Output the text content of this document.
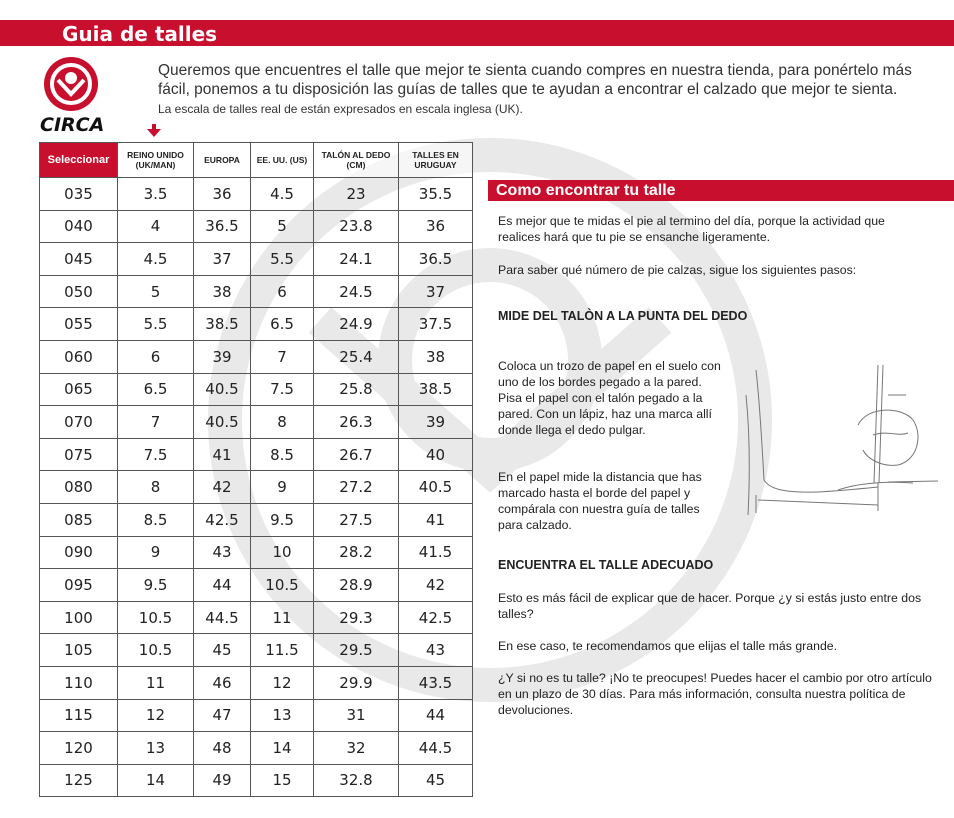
Guia de talles
CIRCA
Queremos que encuentres el talle que mejor te sienta cuando compres en nuestra tienda, para ponértelo más fácil, ponemos a tu disposición las guías de talles que te ayudan a encontrar el calzado que mejor te sienta.
La escala de talles real de están expresados en escala inglesa (UK).
Seleccionar	REINO UNIDO (UK/MAN)	EUROPA	EE. UU. (US)	TALÓN AL DEDO (CM)	TALLES EN URUGUAY
035	3.5	36	4.5	23	35.5
040	4	36.5	5	23.8	36
045	4.5	37	5.5	24.1	36.5
050	5	38	6	24.5	37
055	5.5	38.5	6.5	24.9	37.5
060	6	39	7	25.4	38
065	6.5	40.5	7.5	25.8	38.5
070	7	40.5	8	26.3	39
075	7.5	41	8.5	26.7	40
080	8	42	9	27.2	40.5
085	8.5	42.5	9.5	27.5	41
090	9	43	10	28.2	41.5
095	9.5	44	10.5	28.9	42
100	10.5	44.5	11	29.3	42.5
105	10.5	45	11.5	29.5	43
110	11	46	12	29.9	43.5
115	12	47	13	31	44
120	13	48	14	32	44.5
125	14	49	15	32.8	45
Como encontrar tu talle
Es mejor que te midas el pie al termino del día, porque la actividad que realices hará que tu pie se ensanche ligeramente.
Para saber qué número de pie calzas, sigue los siguientes pasos:
MIDE DEL TALÒN A LA PUNTA DEL DEDO
Coloca un trozo de papel en el suelo con uno de los bordes pegado a la pared. Pisa el papel con el talón pegado a la pared. Con un lápiz, haz una marca allí donde llega el dedo pulgar.
En el papel mide la distancia que has marcado hasta el borde del papel y compárala con nuestra guía de talles para calzado.
ENCUENTRA EL TALLE ADECUADO
Esto es más fácil de explicar que de hacer. Porque ¿y si estás justo entre dos talles?
En ese caso, te recomendamos que elijas el talle más grande.
¿Y si no es tu talle? ¡No te preocupes! Puedes hacer el cambio por otro artículo en un plazo de 30 días. Para más información, consulta nuestra política de devoluciones.
